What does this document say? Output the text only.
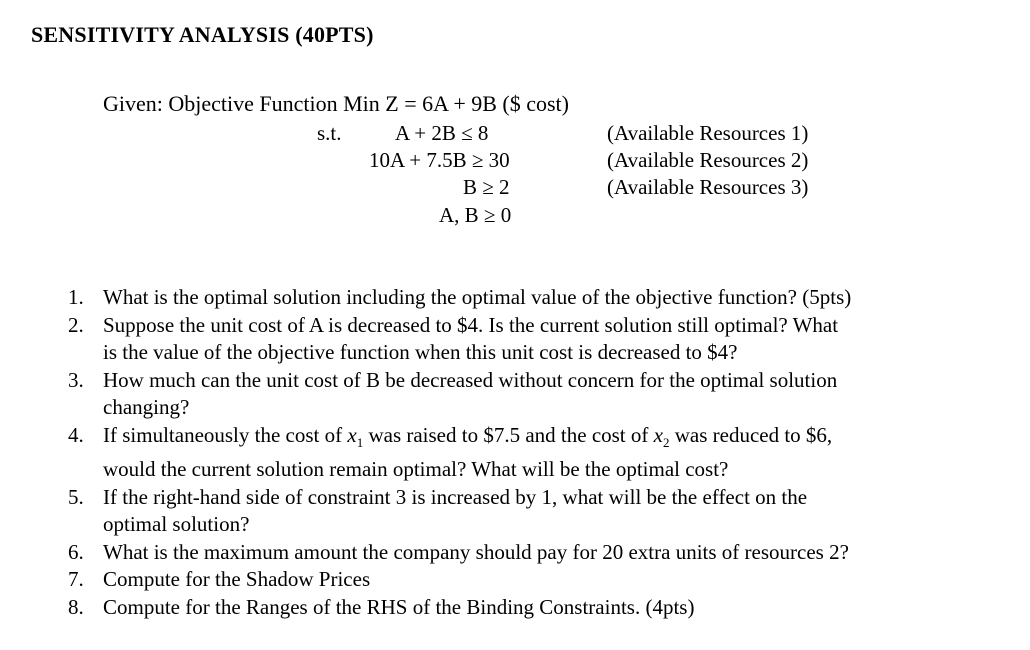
SENSITIVITY ANALYSIS (40PTS)
Given: Objective Function Min Z = 6A + 9B ($ cost)
s.t.	A + 2B ≤ 8
10A + 7.5B ≥ 30
B ≥ 2
A, B ≥ 0
(Available Resources 1)
(Available Resources 2)
(Available Resources 3)
1. What is the optimal solution including the optimal value of the objective function? (5pts)
2. Suppose the unit cost of A is decreased to $4. Is the current solution still optimal? What
is the value of the objective function when this unit cost is decreased to $4?
3. How much can the unit cost of B be decreased without concern for the optimal solution
changing?
4. If simultaneously the cost of $x_1$ was raised to $7.5 and the cost of $x_2$ was reduced to $6,
would the current solution remain optimal? What will be the optimal cost?
5. If the right-hand side of constraint 3 is increased by 1, what will be the effect on the
optimal solution?
6. What is the maximum amount the company should pay for 20 extra units of resources 2?
7. Compute for the Shadow Prices
8. Compute for the Ranges of the RHS of the Binding Constraints. (4pts)
